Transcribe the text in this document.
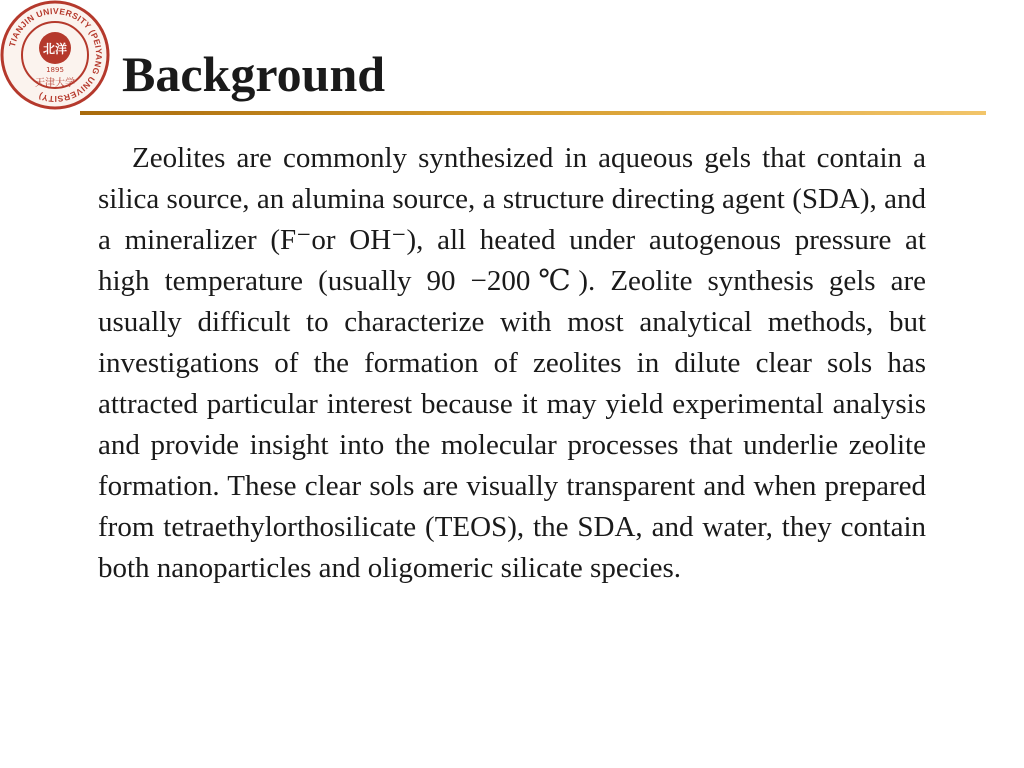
TIANJIN UNIVERSITY (PEIYANG UNIVERSITY)
北洋
1895
天津大学 Background

Zeolites are commonly synthesized in aqueous gels that contain a silica source, an alumina source, a structure directing agent (SDA), and a mineralizer (F⁻or OH⁻), all heated under autogenous pressure at high temperature (usually 90 −200℃). Zeolite synthesis gels are usually difficult to characterize with most analytical methods, but investigations of the formation of zeolites in dilute clear sols has attracted particular interest because it may yield experimental analysis and provide insight into the molecular processes that underlie zeolite formation. These clear sols are visually transparent and when prepared from tetraethylorthosilicate (TEOS), the SDA, and water, they contain both nanoparticles and oligomeric silicate species.
